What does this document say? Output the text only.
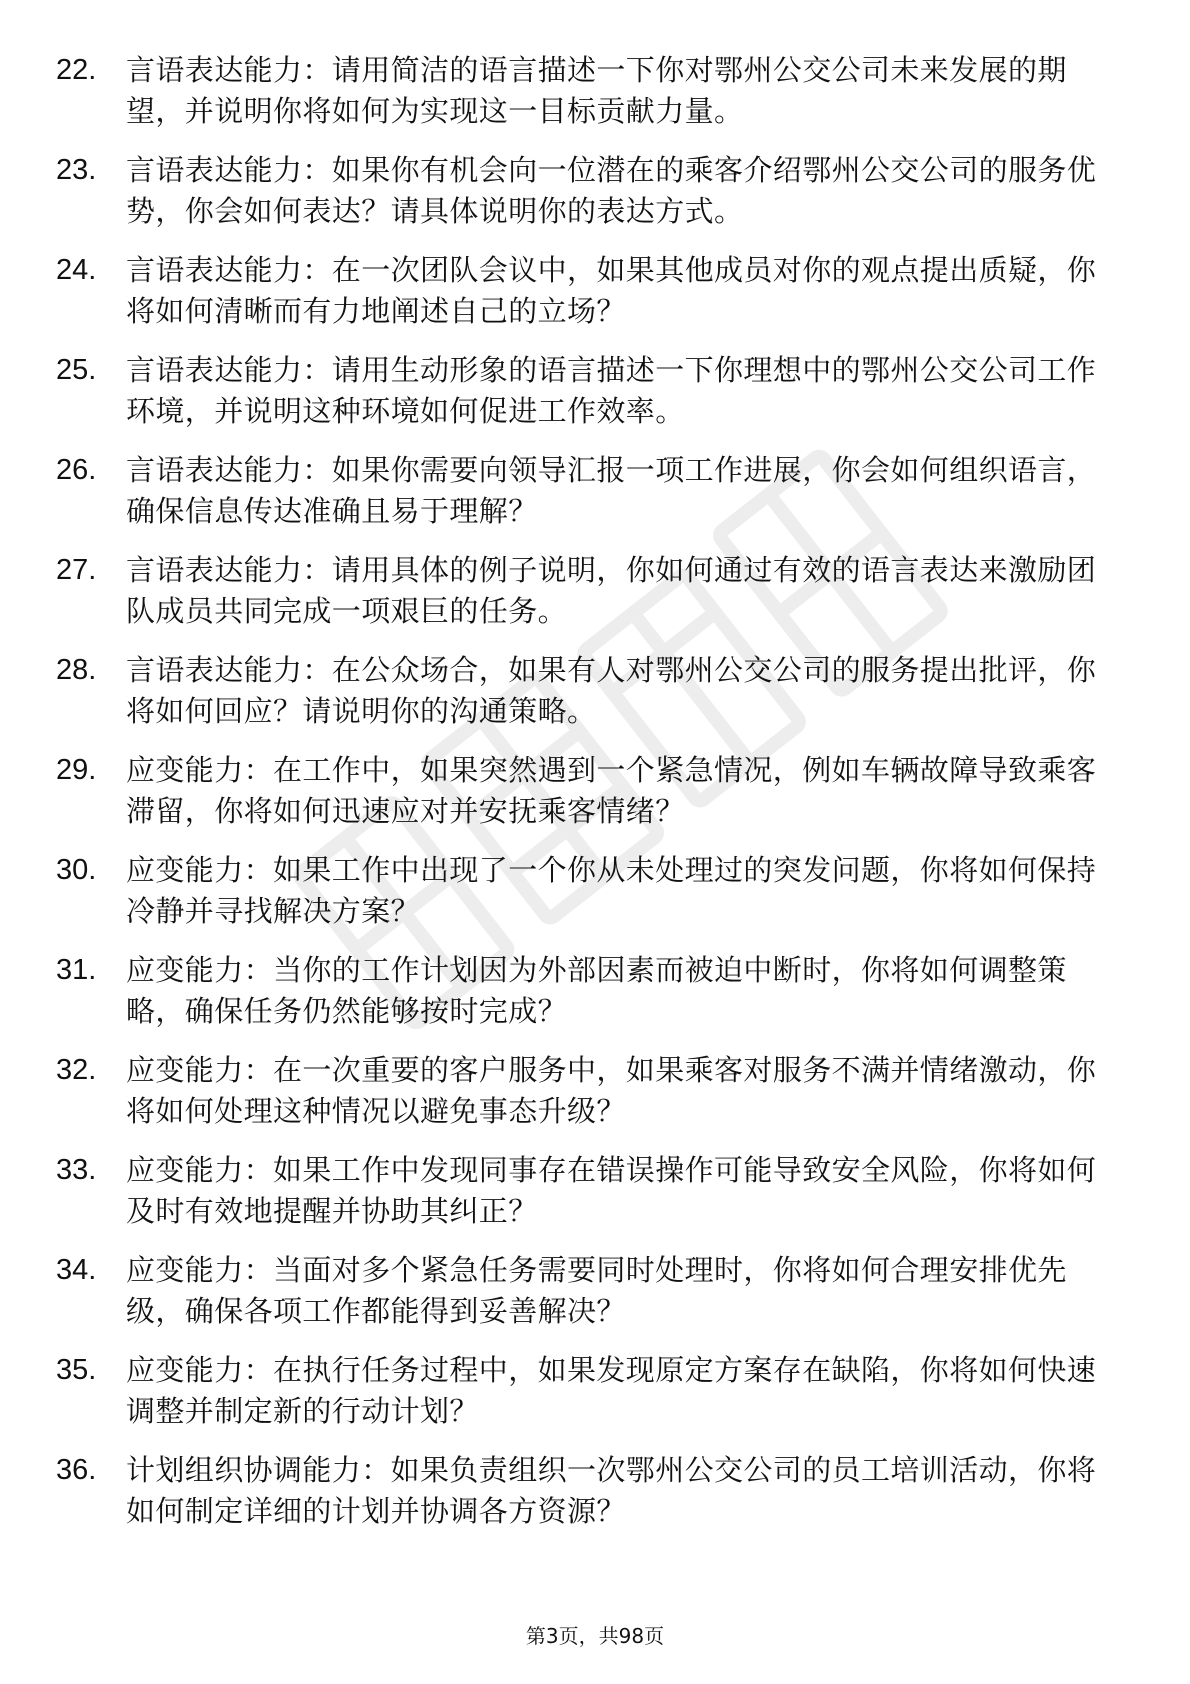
22.	言语表达能力：请用简洁的语言描述一下你对鄂州公交公司未来发展的期望，并说明你将如何为实现这一目标贡献力量。
23.	言语表达能力：如果你有机会向一位潜在的乘客介绍鄂州公交公司的服务优势，你会如何表达？请具体说明你的表达方式。
24.	言语表达能力：在一次团队会议中，如果其他成员对你的观点提出质疑，你将如何清晰而有力地阐述自己的立场？
25.	言语表达能力：请用生动形象的语言描述一下你理想中的鄂州公交公司工作环境，并说明这种环境如何促进工作效率。
26.	言语表达能力：如果你需要向领导汇报一项工作进展，你会如何组织语言，确保信息传达准确且易于理解？
27.	言语表达能力：请用具体的例子说明，你如何通过有效的语言表达来激励团队成员共同完成一项艰巨的任务。
28.	言语表达能力：在公众场合，如果有人对鄂州公交公司的服务提出批评，你将如何回应？请说明你的沟通策略。
29.	应变能力：在工作中，如果突然遇到一个紧急情况，例如车辆故障导致乘客滞留，你将如何迅速应对并安抚乘客情绪？
30.	应变能力：如果工作中出现了一个你从未处理过的突发问题，你将如何保持冷静并寻找解决方案？
31.	应变能力：当你的工作计划因为外部因素而被迫中断时，你将如何调整策略，确保任务仍然能够按时完成？
32.	应变能力：在一次重要的客户服务中，如果乘客对服务不满并情绪激动，你将如何处理这种情况以避免事态升级？
33.	应变能力：如果工作中发现同事存在错误操作可能导致安全风险，你将如何及时有效地提醒并协助其纠正？
34.	应变能力：当面对多个紧急任务需要同时处理时，你将如何合理安排优先级，确保各项工作都能得到妥善解决？
35.	应变能力：在执行任务过程中，如果发现原定方案存在缺陷，你将如何快速调整并制定新的行动计划？
36.	计划组织协调能力：如果负责组织一次鄂州公交公司的员工培训活动，你将如何制定详细的计划并协调各方资源？
第3页，共98页
